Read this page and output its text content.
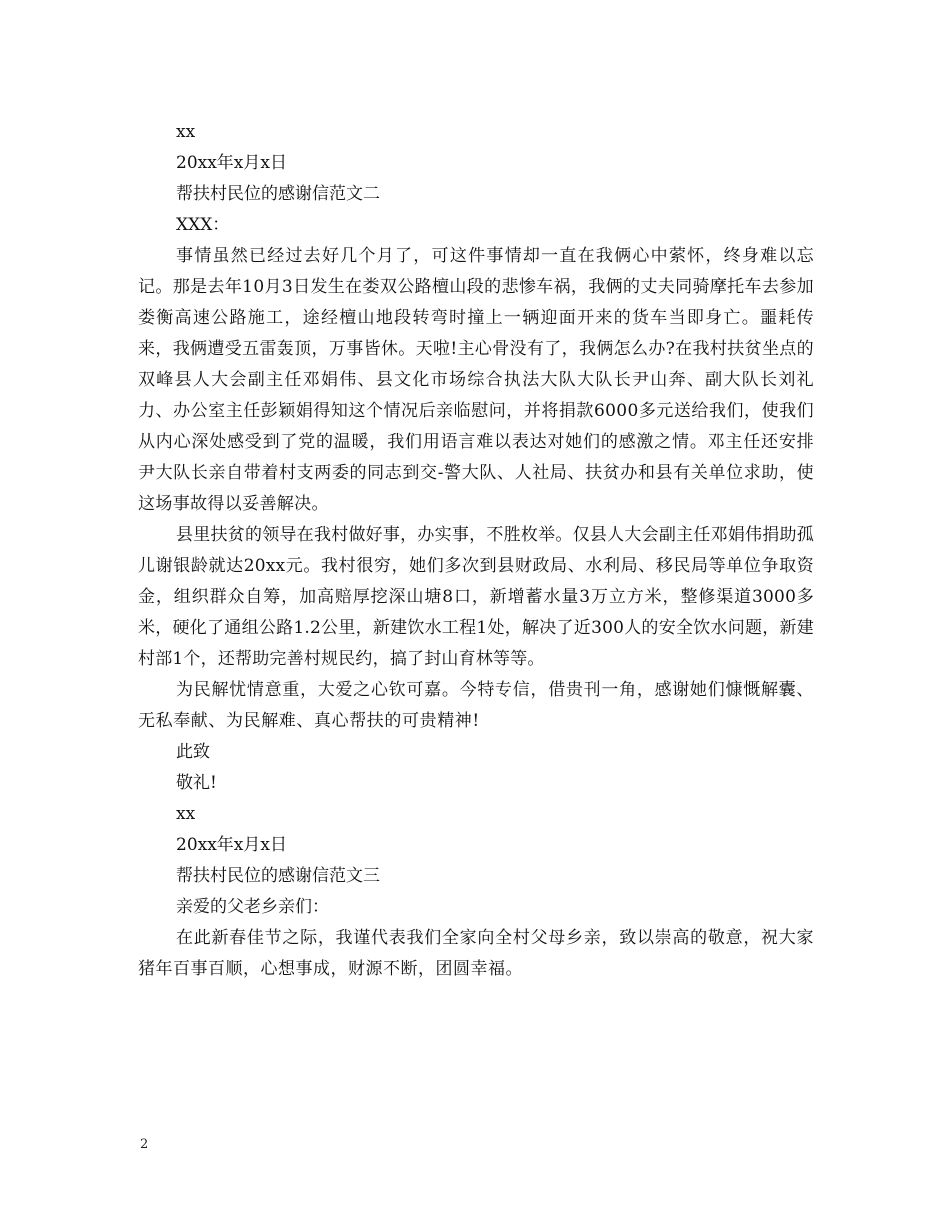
xx

20xx年x月x日

帮扶村民位的感谢信范文二

XXX：

事情虽然已经过去好几个月了，可这件事情却一直在我俩心中萦怀，终身难以忘记。那是去年10月3日发生在娄双公路檀山段的悲惨车祸，我俩的丈夫同骑摩托车去参加娄衡高速公路施工，途经檀山地段转弯时撞上一辆迎面开来的货车当即身亡。噩耗传来，我俩遭受五雷轰顶，万事皆休。天啦!主心骨没有了，我俩怎么办?在我村扶贫坐点的双峰县人大会副主任邓娟伟、县文化市场综合执法大队大队长尹山奔、副大队长刘礼力、办公室主任彭颖娟得知这个情况后亲临慰问，并将捐款6000多元送给我们，使我们从内心深处感受到了党的温暖，我们用语言难以表达对她们的感激之情。邓主任还安排尹大队长亲自带着村支两委的同志到交-警大队、人社局、扶贫办和县有关单位求助，使这场事故得以妥善解决。

县里扶贫的领导在我村做好事，办实事，不胜枚举。仅县人大会副主任邓娟伟捐助孤儿谢银龄就达20xx元。我村很穷，她们多次到县财政局、水利局、移民局等单位争取资金，组织群众自筹，加高赔厚挖深山塘8口，新增蓄水量3万立方米，整修渠道3000多米，硬化了通组公路1.2公里，新建饮水工程1处，解决了近300人的安全饮水问题，新建村部1个，还帮助完善村规民约，搞了封山育林等等。

为民解忧情意重，大爱之心钦可嘉。今特专信，借贵刊一角，感谢她们慷慨解囊、无私奉献、为民解难、真心帮扶的可贵精神!

此致

敬礼!

xx

20xx年x月x日

帮扶村民位的感谢信范文三

亲爱的父老乡亲们：

在此新春佳节之际，我谨代表我们全家向全村父母乡亲，致以崇高的敬意，祝大家猪年百事百顺，心想事成，财源不断，团圆幸福。

2
